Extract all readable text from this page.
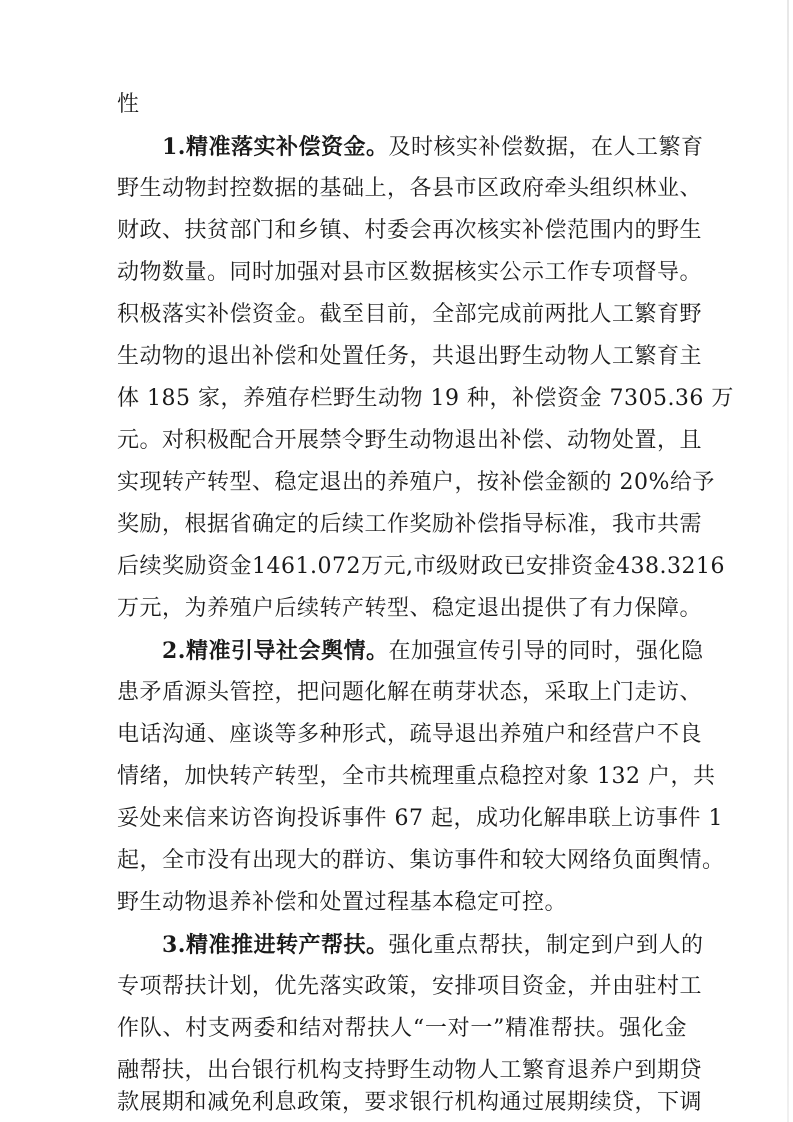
性
1.精准落实补偿资金。及时核实补偿数据，在人工繁育
野生动物封控数据的基础上，各县市区政府牵头组织林业、
财政、扶贫部门和乡镇、村委会再次核实补偿范围内的野生
动物数量。同时加强对县市区数据核实公示工作专项督导。
积极落实补偿资金。截至目前，全部完成前两批人工繁育野
生动物的退出补偿和处置任务，共退出野生动物人工繁育主
体 185 家，养殖存栏野生动物 19 种，补偿资金 7305.36 万
元。对积极配合开展禁令野生动物退出补偿、动物处置，且
实现转产转型、稳定退出的养殖户，按补偿金额的 20%给予
奖励，根据省确定的后续工作奖励补偿指导标准，我市共需
后续奖励资金1461.072万元,市级财政已安排资金438.3216
万元，为养殖户后续转产转型、稳定退出提供了有力保障。
2.精准引导社会舆情。在加强宣传引导的同时，强化隐
患矛盾源头管控，把问题化解在萌芽状态，采取上门走访、
电话沟通、座谈等多种形式，疏导退出养殖户和经营户不良
情绪，加快转产转型，全市共梳理重点稳控对象 132 户，共
妥处来信来访咨询投诉事件 67 起，成功化解串联上访事件 1
起，全市没有出现大的群访、集访事件和较大网络负面舆情。
野生动物退养补偿和处置过程基本稳定可控。
3.精准推进转产帮扶。强化重点帮扶，制定到户到人的
专项帮扶计划，优先落实政策，安排项目资金，并由驻村工
作队、村支两委和结对帮扶人“一对一”精准帮扶。强化金
融帮扶，出台银行机构支持野生动物人工繁育退养户到期贷
款展期和减免利息政策，要求银行机构通过展期续贷，下调
